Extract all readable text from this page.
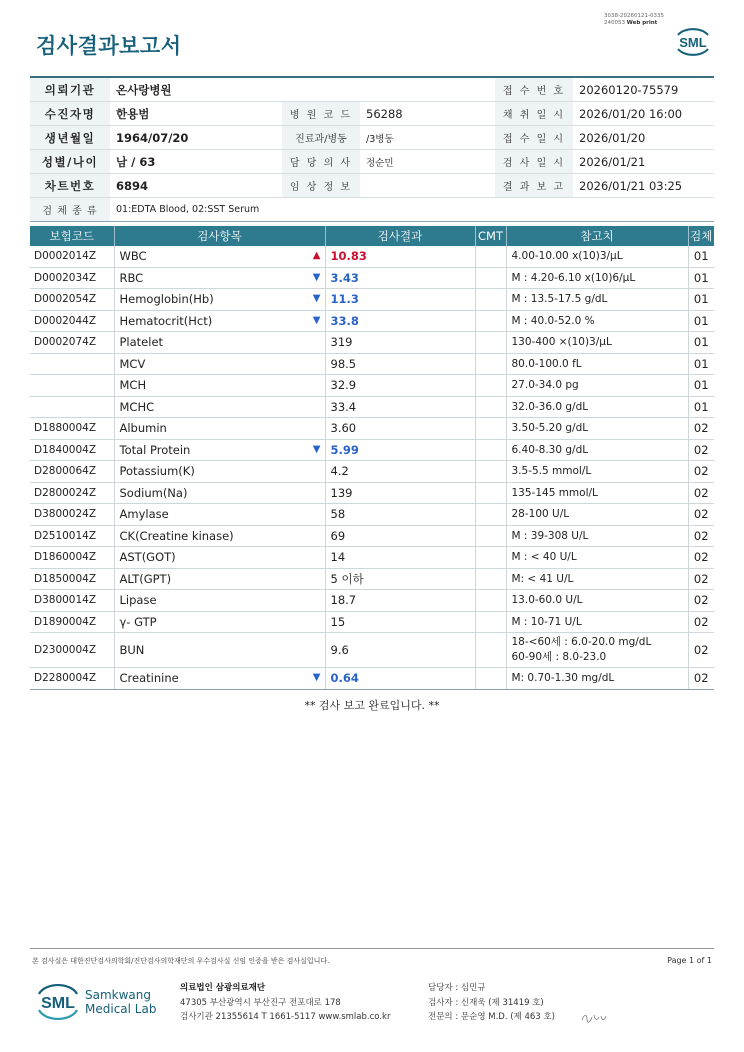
검사결과보고서
3038-20260121-0335
240053 Web print
SML
의뢰기관	온사랑병원			접 수 번 호	20260120-75579
수진자명	한용범	병 원 코 드	56288	채 취 일 시	2026/01/20 16:00
생년월일	1964/07/20	진료과/병동	/3병동	접 수 일 시	2026/01/20
성별/나이	남 / 63	담 당 의 사	정순민	검 사 일 시	2026/01/21
차트번호	6894	임 상 정 보		결 과 보 고	2026/01/21 03:25
검 체 종 류	01:EDTA Blood, 02:SST Serum				
보험코드	검사항목	검사결과	CMT	참고치	검체
D0002014Z	WBC ▲	10.83		4.00-10.00 x(10)3/μL	01
D0002034Z	RBC ▼	3.43		M : 4.20-6.10 x(10)6/μL	01
D0002054Z	Hemoglobin(Hb) ▼	11.3		M : 13.5-17.5 g/dL	01
D0002044Z	Hematocrit(Hct) ▼	33.8		M : 40.0-52.0 %	01
D0002074Z	Platelet	319		130-400 ×(10)3/μL	01
	MCV	98.5		80.0-100.0 fL	01
	MCH	32.9		27.0-34.0 pg	01
	MCHC	33.4		32.0-36.0 g/dL	01
D1880004Z	Albumin	3.60		3.50-5.20 g/dL	02
D1840004Z	Total Protein ▼	5.99		6.40-8.30 g/dL	02
D2800064Z	Potassium(K)	4.2		3.5-5.5 mmol/L	02
D2800024Z	Sodium(Na)	139		135-145 mmol/L	02
D3800024Z	Amylase	58		28-100 U/L	02
D2510014Z	CK(Creatine kinase)	69		M : 39-308 U/L	02
D1860004Z	AST(GOT)	14		M : < 40 U/L	02
D1850004Z	ALT(GPT)	5 이하		M: < 41 U/L	02
D3800014Z	Lipase	18.7		13.0-60.0 U/L	02
D1890004Z	γ- GTP	15		M : 10-71 U/L	02
D2300004Z	BUN	9.6		18-<60세 : 6.0-20.0 mg/dL
60-90세 : 8.0-23.0	02
D2280004Z	Creatinine ▼	0.64		M: 0.70-1.30 mg/dL	02
** 검사 보고 완료입니다. **
본 검사실은 대한진단검사의학회/진단검사의학재단의 우수검사실 신임 인증을 받은 검사실입니다.	Page 1 of 1
SML Samkwang
Medical Lab
의료법인 삼광의료재단
47305 부산광역시 부산진구 전포대로 178
검사기관 21355614 T 1661-5117 www.smlab.co.kr
담당자 : 심민규
검사자 : 신재욱 (제 31419 호)
전문의 : 문순영 M.D. (제 463 호)
